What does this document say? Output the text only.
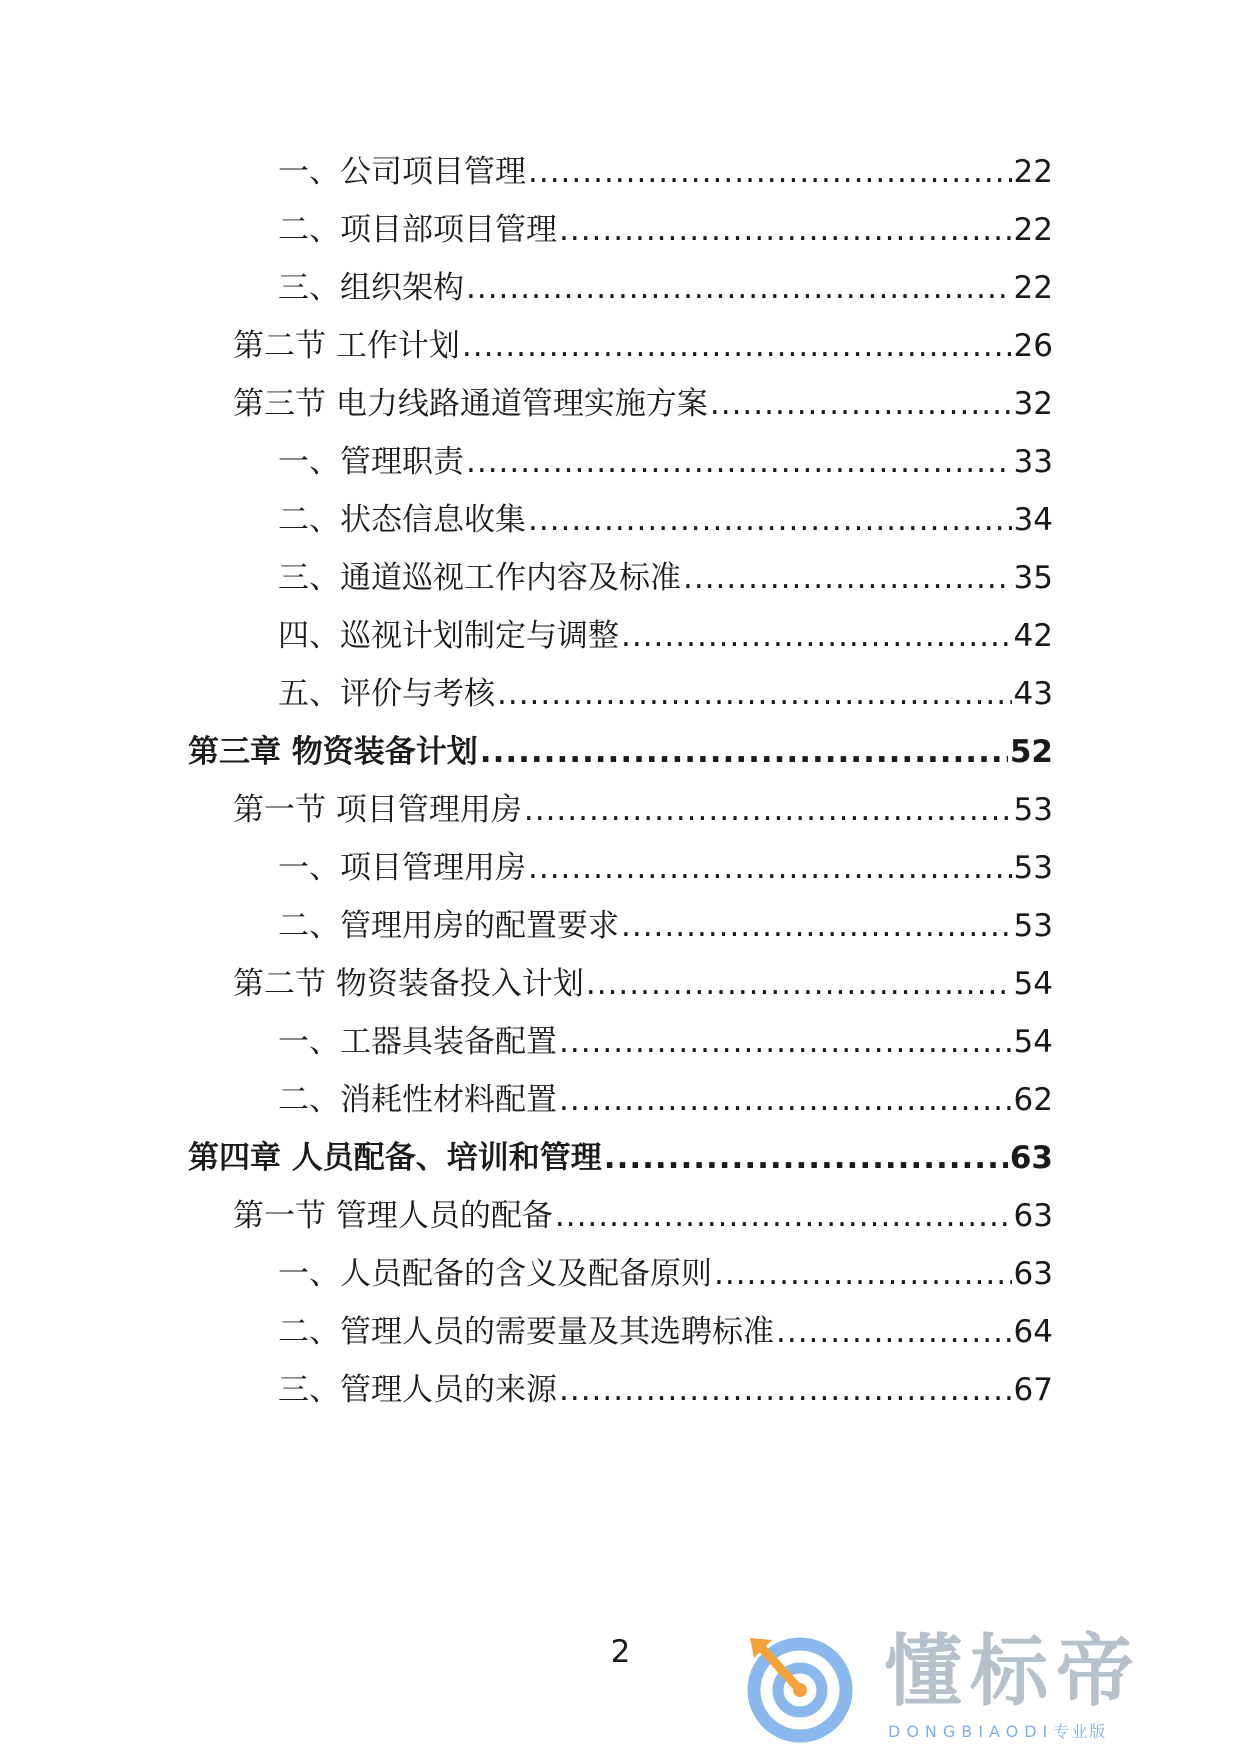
一、公司项目管理 .....	22
二、项目部项目管理 .....	22
三、组织架构 .....	22
第二节 工作计划 .....	26
第三节 电力线路通道管理实施方案 .....	32
一、管理职责 .....	33
二、状态信息收集 .....	34
三、通道巡视工作内容及标准 .....	35
四、巡视计划制定与调整 .....	42
五、评价与考核 .....	43
第三章 物资装备计划 .....	52
第一节 项目管理用房 .....	53
一、项目管理用房 .....	53
二、管理用房的配置要求 .....	53
第二节 物资装备投入计划 .....	54
一、工器具装备配置 .....	54
二、消耗性材料配置 .....	62
第四章 人员配备、培训和管理 .....	63
第一节 管理人员的配备 .....	63
一、人员配备的含义及配备原则 .....	63
二、管理人员的需要量及其选聘标准 .....	64
三、管理人员的来源 .....	67
2	懂标帝
DONGBIAODI专业版
